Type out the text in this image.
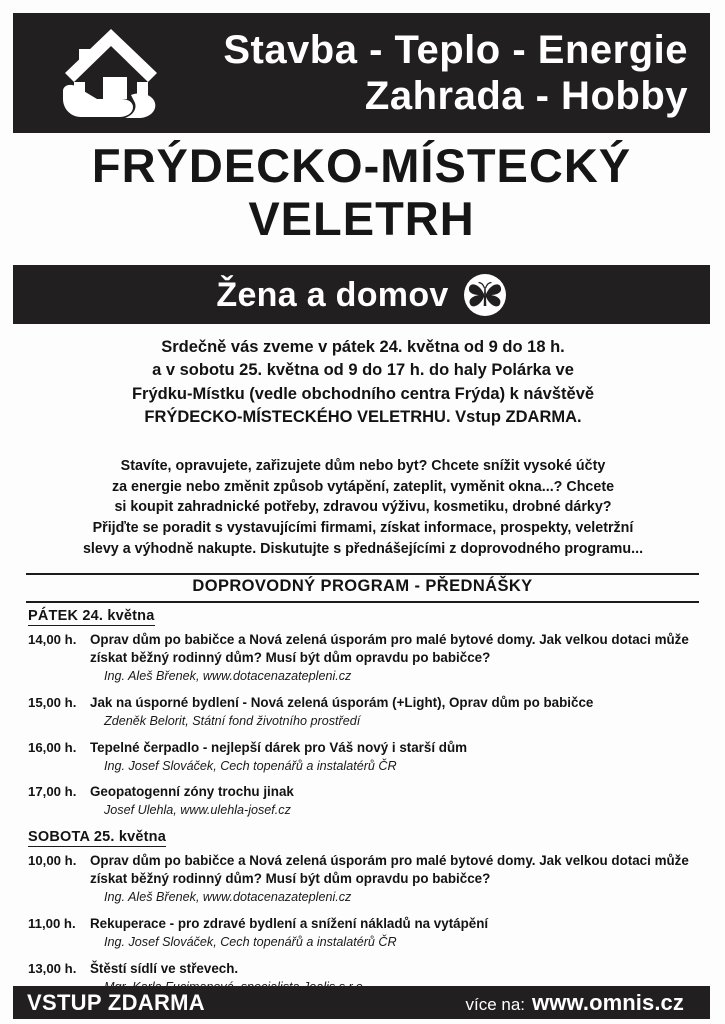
Stavba - Teplo - Energie
Zahrada - Hobby
FRÝDECKO-MÍSTECKÝ
VELETRH
Žena a domov
Srdečně vás zveme v pátek 24. května od 9 do 18 h.
a v sobotu 25. května od 9 do 17 h. do haly Polárka ve
Frýdku-Místku (vedle obchodního centra Frýda) k návštěvě
FRÝDECKO-MÍSTECKÉHO VELETRHU. Vstup ZDARMA.
Stavíte, opravujete, zařizujete dům nebo byt? Chcete snížit vysoké účty
za energie nebo změnit způsob vytápění, zateplit, vyměnit okna...? Chcete
si koupit zahradnické potřeby, zdravou výživu, kosmetiku, drobné dárky?
Přijďte se poradit s vystavujícími firmami, získat informace, prospekty, veletržní
slevy a výhodně nakupte. Diskutujte s přednášejícími z doprovodného programu...
DOPROVODNÝ PROGRAM - PŘEDNÁŠKY
PÁTEK 24. května
14,00 h.	Oprav dům po babičce a Nová zelená úsporám pro malé bytové domy. Jak velkou dotaci může získat běžný rodinný dům? Musí být dům opravdu po babičce?
Ing. Aleš Břenek, www.dotacenazatepleni.cz
15,00 h.	Jak na úsporné bydlení - Nová zelená úsporám (+Light), Oprav dům po babičce
Zdeněk Belorit, Státní fond životního prostředí
16,00 h.	Tepelné čerpadlo - nejlepší dárek pro Váš nový i starší dům
Ing. Josef Slováček, Cech topenářů a instalatérů ČR
17,00 h.	Geopatogenní zóny trochu jinak
Josef Ulehla, www.ulehla-josef.cz
SOBOTA 25. května
10,00 h.	Oprav dům po babičce a Nová zelená úsporám pro malé bytové domy. Jak velkou dotaci může získat běžný rodinný dům? Musí být dům opravdu po babičce?
Ing. Aleš Břenek, www.dotacenazatepleni.cz
11,00 h.	Rekuperace - pro zdravé bydlení a snížení nákladů na vytápění
Ing. Josef Slováček, Cech topenářů a instalatérů ČR
13,00 h.	Štěstí sídlí ve střevech.
VSTUP ZDARMA	více na: www.omnis.cz
